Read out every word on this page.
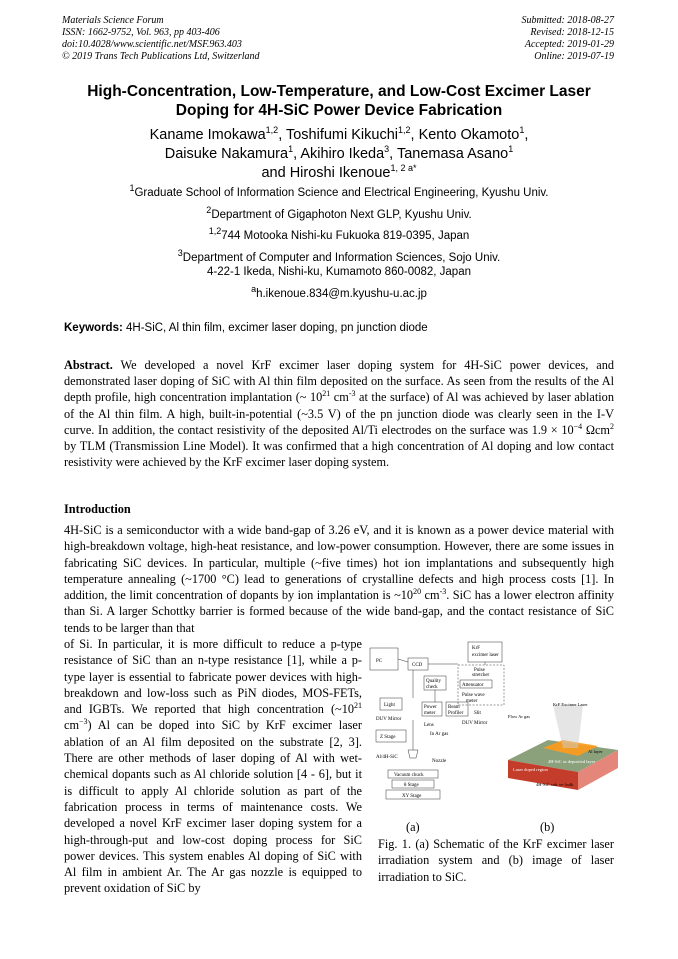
Materials Science Forum
ISSN: 1662-9752, Vol. 963, pp 403-406
doi:10.4028/www.scientific.net/MSF.963.403
© 2019 Trans Tech Publications Ltd, Switzerland
Submitted: 2018-08-27
Revised: 2018-12-15
Accepted: 2019-01-29
Online: 2019-07-19
High-Concentration, Low-Temperature, and Low-Cost Excimer Laser
Doping for 4H-SiC Power Device Fabrication
Kaname Imokawa$^{1,2}$, Toshifumi Kikuchi$^{1,2}$, Kento Okamoto$^1$,
Daisuke Nakamura$^1$, Akihiro Ikeda$^3$, Tanemasa Asano$^1$
and Hiroshi Ikenoue$^{1, 2 a*}$
$^1$Graduate School of Information Science and Electrical Engineering, Kyushu Univ.
$^2$Department of Gigaphoton Next GLP, Kyushu Univ.
$^{1,2}$744 Motooka Nishi-ku Fukuoka 819-0395, Japan
$^3$Department of Computer and Information Sciences, Sojo Univ.
4-22-1 Ikeda, Nishi-ku, Kumamoto 860-0082, Japan
$^a$h.ikenoue.834@m.kyushu-u.ac.jp
Keywords: 4H-SiC, Al thin film, excimer laser doping, pn junction diode
Abstract. We developed a novel KrF excimer laser doping system for 4H-SiC power devices, and demonstrated laser doping of SiC with Al thin film deposited on the surface. As seen from the results of the Al depth profile, high concentration implantation (~ $10^{21}$ $cm^{-3}$ at the surface) of Al was achieved by laser ablation of the Al thin film. A high, built-in-potential (~3.5 V) of the pn junction diode was clearly seen in the I-V curve. In addition, the contact resistivity of the deposited Al/Ti electrodes on the surface was $1.9 \times 10^{-4}$ Ωcm$^2$ by TLM (Transmission Line Model). It was confirmed that a high concentration of Al doping and low contact resistivity were achieved by the KrF excimer laser doping system.
Introduction
4H-SiC is a semiconductor with a wide band-gap of 3.26 eV, and it is known as a power device material with high-breakdown voltage, high-heat resistance, and low-power consumption. However, there are some issues in fabricating SiC devices. In particular, multiple (~five times) hot ion implantations and subsequently high temperature annealing (~1700 °C) lead to generations of crystalline defects and high process costs [1]. In addition, the limit concentration of dopants by ion implantation is $\sim 10^{20}$ $cm^{-3}$. SiC has a lower electron affinity than Si. A larger Schottky barrier is formed because of the wide band-gap, and the contact resistance of SiC tends to be larger than that
of Si. In particular, it is more difficult to reduce a p-type resistance of SiC than an n-type resistance [1], while a p-type layer is essential to fabricate power devices with high-breakdown and low-loss such as PiN diodes, MOS-FETs, and IGBTs. We reported that high concentration ($\sim 10^{21}$ $cm^{-3}$) Al can be doped into SiC by KrF excimer laser ablation of an Al film deposited on the substrate [2, 3]. There are other methods of laser doping of Al with wet-chemical dopants such as Al chloride solution [4 - 6], but it is difficult to apply Al chloride solution as part of the fabrication process in terms of maintenance costs. We developed a novel KrF excimer laser doping system for a high-through-put and low-cost doping process for SiC power devices. This system enables Al doping of SiC with Al film in ambient Ar. The Ar gas nozzle is equipped to prevent oxidation of SiC by
PC
KrF
excimer laser
CCD
Pulse
stretcher
Attenuator
Pulse wave
meter
Quality
check
Light
DUV Mirror
Power
meter
Beam
Profiler Slit
DUV Mirror
Lens
Z Stage
In Ar gas
Al/4H-SiC
Nozzle
Vacuum chuck
θ Stage
XY Stage
Flow Ar gas
KrF Excimer Laser
Al layer
4H-SiC as deposited layer
Laser doped region
4H-SiC sub. n+ bulk
(a)	(b)
Fig. 1. (a) Schematic of the KrF excimer laser irradiation system and (b) image of laser irradiation to SiC.
